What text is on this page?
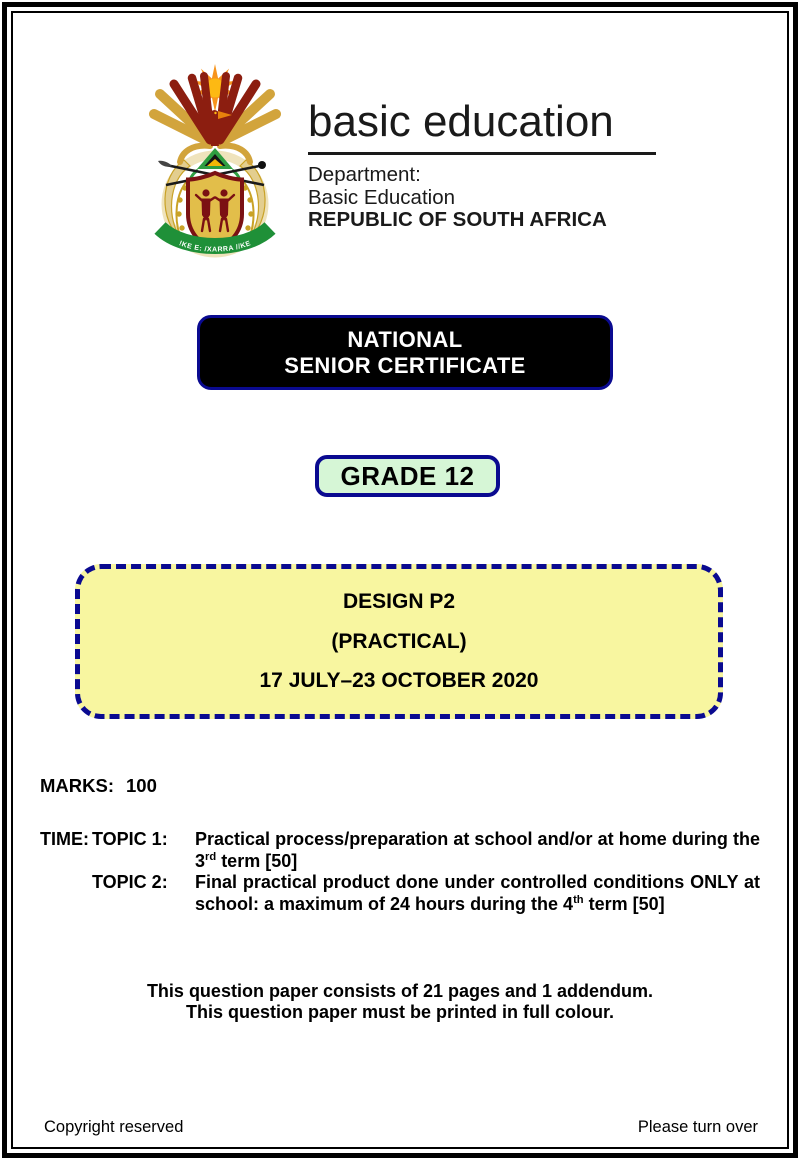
!KE E: /XARRA //KE
basic education
Department:
Basic Education
REPUBLIC OF SOUTH AFRICA
NATIONAL
SENIOR CERTIFICATE
GRADE 12
DESIGN P2
(PRACTICAL)
17 JULY–23 OCTOBER 2020
MARKS: 100
TIME: TOPIC 1:	Practical process/preparation at school and/or at home during the 3rd term [50]

TOPIC 2:	Final practical product done under controlled conditions ONLY at school: a maximum of 24 hours during the 4th term [50]

This question paper consists of 21 pages and 1 addendum.
This question paper must be printed in full colour.
Copyright reserved	Please turn over
